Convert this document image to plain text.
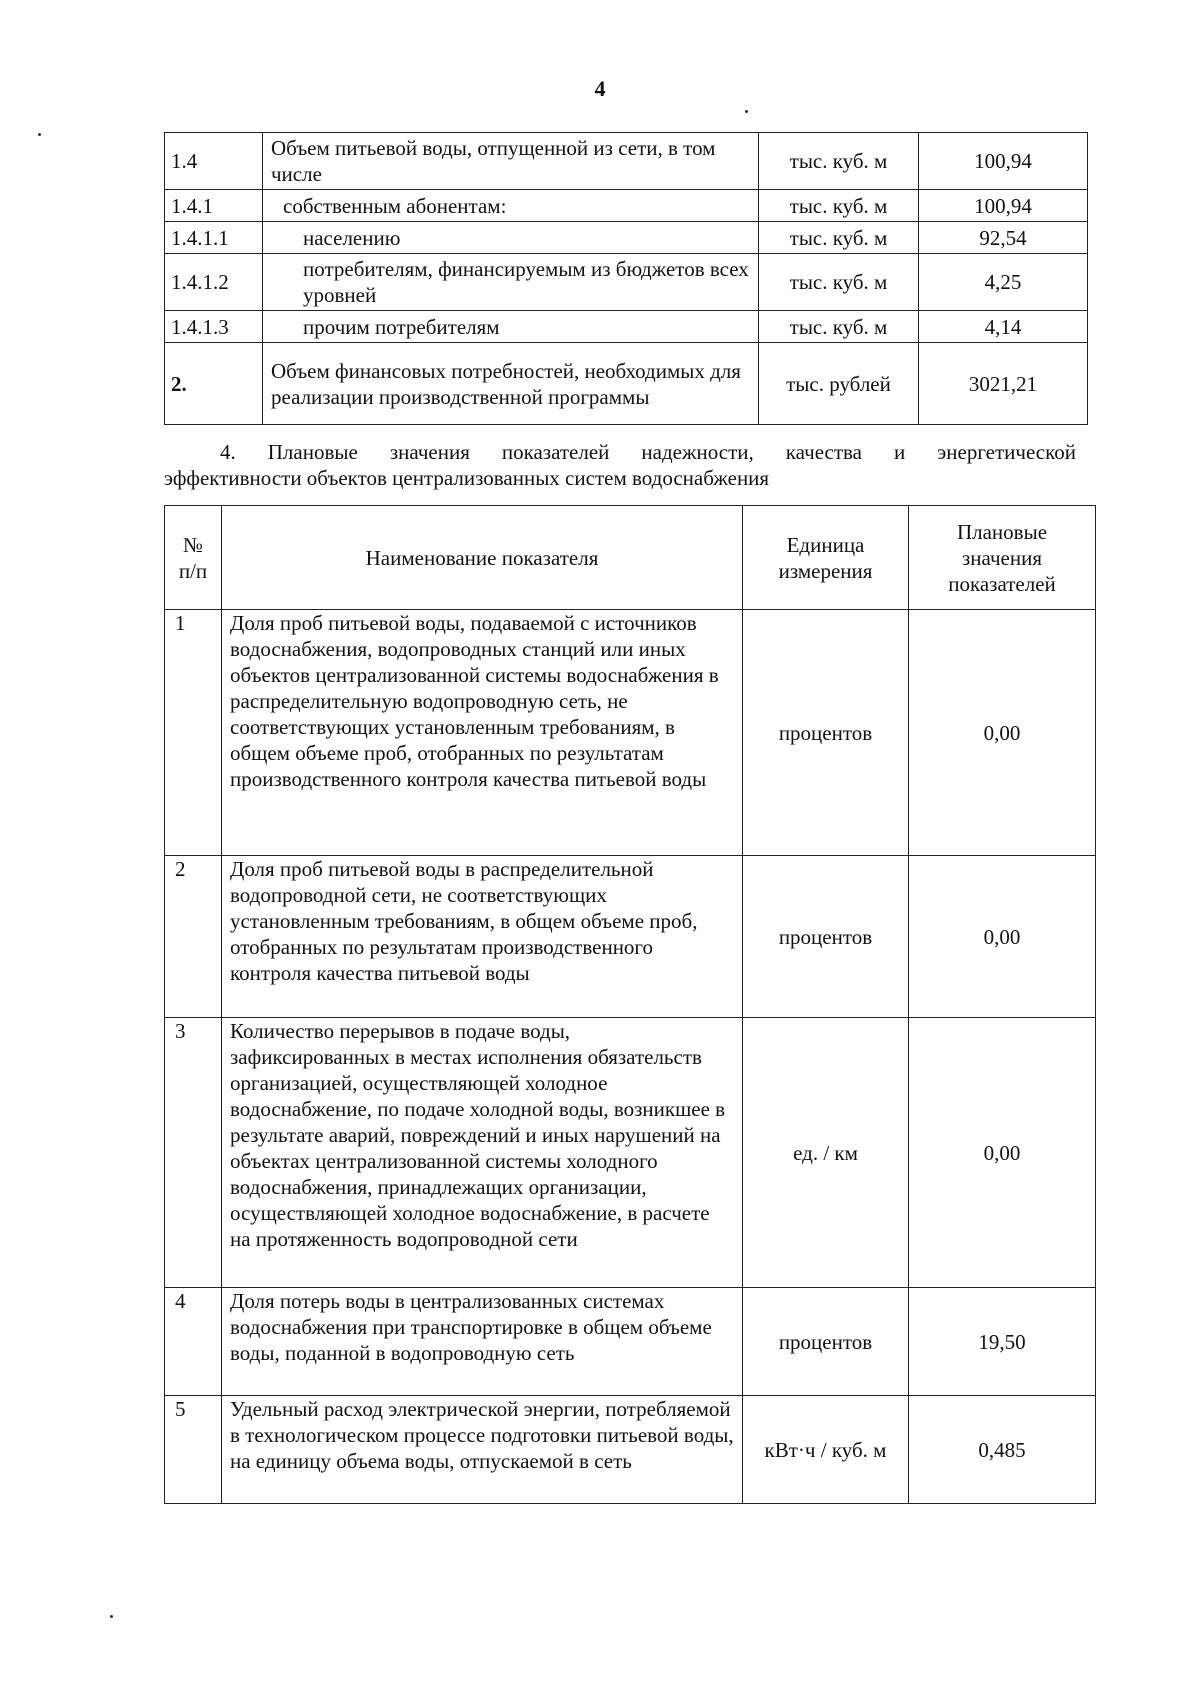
4
1.4	Объем питьевой воды, отпущенной из сети, в том числе	тыс. куб. м	100,94
1.4.1	собственным абонентам:	тыс. куб. м	100,94
1.4.1.1	населению	тыс. куб. м	92,54
1.4.1.2	потребителям, финансируемым из бюджетов всех уровней	тыс. куб. м	4,25
1.4.1.3	прочим потребителям	тыс. куб. м	4,14
2.	Объем финансовых потребностей, необходимых для реализации производственной программы	тыс. рублей	3021,21
4. Плановые значения показателей надежности, качества и энергетической
эффективности объектов централизованных систем водоснабжения
№ п/п	Наименование показателя	Единица измерения	Плановые значения показателей
1	Доля проб питьевой воды, подаваемой с источников водоснабжения, водопроводных станций или иных объектов централизованной системы водоснабжения в распределительную водопроводную сеть, не соответствующих установленным требованиям, в общем объеме проб, отобранных по результатам производственного контроля качества питьевой воды	процентов	0,00
2	Доля проб питьевой воды в распределительной водопроводной сети, не соответствующих установленным требованиям, в общем объеме проб, отобранных по результатам производственного контроля качества питьевой воды	процентов	0,00
3	Количество перерывов в подаче воды, зафиксированных в местах исполнения обязательств организацией, осуществляющей холодное водоснабжение, по подаче холодной воды, возникшее в результате аварий, повреждений и иных нарушений на объектах централизованной системы холодного водоснабжения, принадлежащих организации, осуществляющей холодное водоснабжение, в расчете на протяженность водопроводной сети	ед. / км	0,00
4	Доля потерь воды в централизованных системах водоснабжения при транспортировке в общем объеме воды, поданной в водопроводную сеть	процентов	19,50
5	Удельный расход электрической энергии, потребляемой в технологическом процессе подготовки питьевой воды, на единицу объема воды, отпускаемой в сеть	кВт·ч / куб. м	0,485
